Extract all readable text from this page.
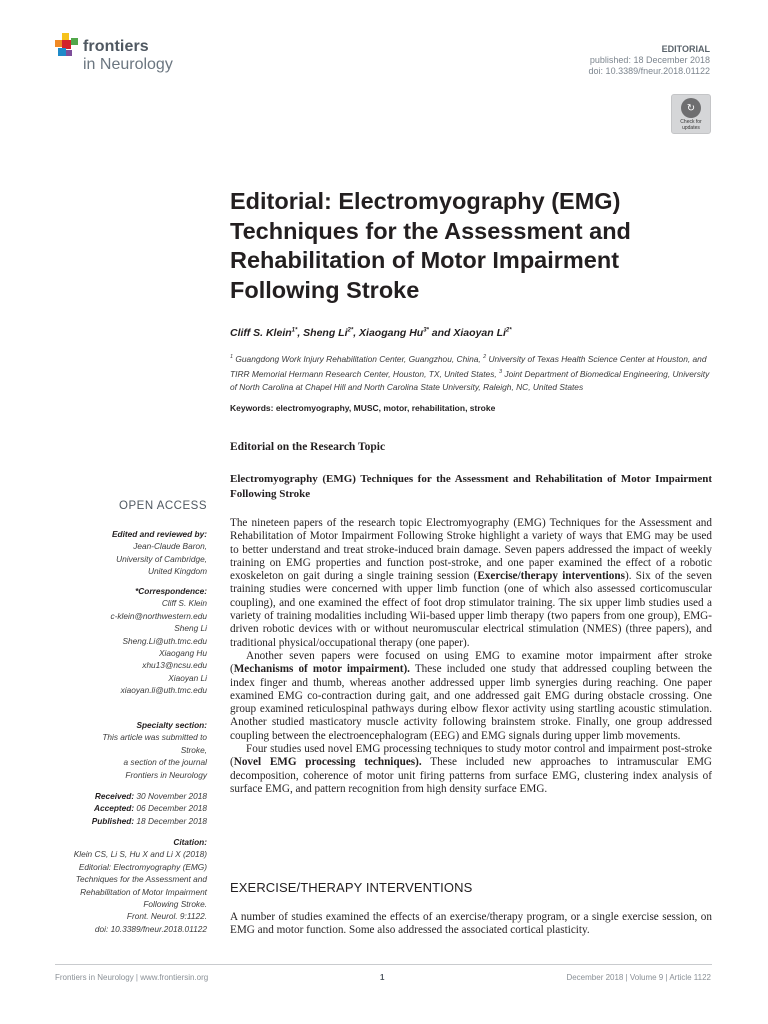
frontiers
in Neurology
EDITORIAL
published: 18 December 2018
doi: 10.3389/fneur.2018.01122
↻
Check for updates
Editorial: Electromyography (EMG) Techniques for the Assessment and Rehabilitation of Motor Impairment Following Stroke
Cliff S. Klein$^{1*}$, Sheng $Li^{2*}$, Xiaogang $Hu^{3*}$ and Xiaoyan $Li^{2*}$
$^1$ Guangdong Work Injury Rehabilitation Center, Guangzhou, China, $^2$ University of Texas Health Science Center at Houston, and TIRR Memorial Hermann Research Center, Houston, TX, United States, $^3$ Joint Department of Biomedical Engineering, University of North Carolina at Chapel Hill and North Carolina State University, Raleigh, NC, United States
Keywords: electromyography, MUSC, motor, rehabilitation, stroke
Editorial on the Research Topic
Electromyography (EMG) Techniques for the Assessment and Rehabilitation of Motor Impairment Following Stroke

The nineteen papers of the research topic Electromyography (EMG) Techniques for the Assessment and Rehabilitation of Motor Impairment Following Stroke highlight a variety of ways that EMG may be used to better understand and treat stroke-induced brain damage. Seven papers addressed the impact of weekly training on EMG properties and function post-stroke, and one paper examined the effect of a robotic exoskeleton on gait during a single training session (Exercise/therapy interventions). Six of the seven training studies were concerned with upper limb function (one of which also assessed corticomuscular coupling), and one examined the effect of foot drop stimulator training. The six upper limb studies used a variety of training modalities including Wii-based upper limb therapy (two papers from one group), EMG-driven robotic devices with or without neuromuscular electrical stimulation (NMES) (three papers), and traditional physical/occupational therapy (one paper).

Another seven papers were focused on using EMG to examine motor impairment after stroke (Mechanisms of motor impairment). These included one study that addressed coupling between the index finger and thumb, whereas another addressed upper limb synergies during reaching. One paper examined EMG co-contraction during gait, and one addressed gait EMG during obstacle crossing. One group examined reticulospinal pathways during elbow flexor activity using startling acoustic stimulation. Another studied masticatory muscle activity following brainstem stroke. Finally, one group addressed coupling between the electroencephalogram (EEG) and EMG signals during upper limb movements.

Four studies used novel EMG processing techniques to study motor control and impairment post-stroke (Novel EMG processing techniques). These included new approaches to intramuscular EMG decomposition, coherence of motor unit firing patterns from surface EMG, clustering index analysis of surface EMG, and pattern recognition from high density surface EMG.

EXERCISE/THERAPY INTERVENTIONS
A number of studies examined the effects of an exercise/therapy program, or a single exercise session, on EMG and motor function. Some also addressed the associated cortical plasticity.
OPEN ACCESS
Edited and reviewed by:
Jean-Claude Baron,
University of Cambridge,
United Kingdom
*Correspondence:
Cliff S. Klein
c-klein@northwestern.edu
Sheng Li
Sheng.Li@uth.tmc.edu
Xiaogang Hu
xhu13@ncsu.edu
Xiaoyan Li
xiaoyan.li@uth.tmc.edu
Specialty section:
This article was submitted to
Stroke,
a section of the journal
Frontiers in Neurology
Received: 30 November 2018
Accepted: 06 December 2018
Published: 18 December 2018
Citation:
Klein CS, Li S, Hu X and Li X (2018)
Editorial: Electromyography (EMG)
Techniques for the Assessment and
Rehabilitation of Motor Impairment
Following Stroke.
Front. Neurol. 9:1122.
doi: 10.3389/fneur.2018.01122
Frontiers in Neurology | www.frontiersin.org	1	December 2018 | Volume 9 | Article 1122
